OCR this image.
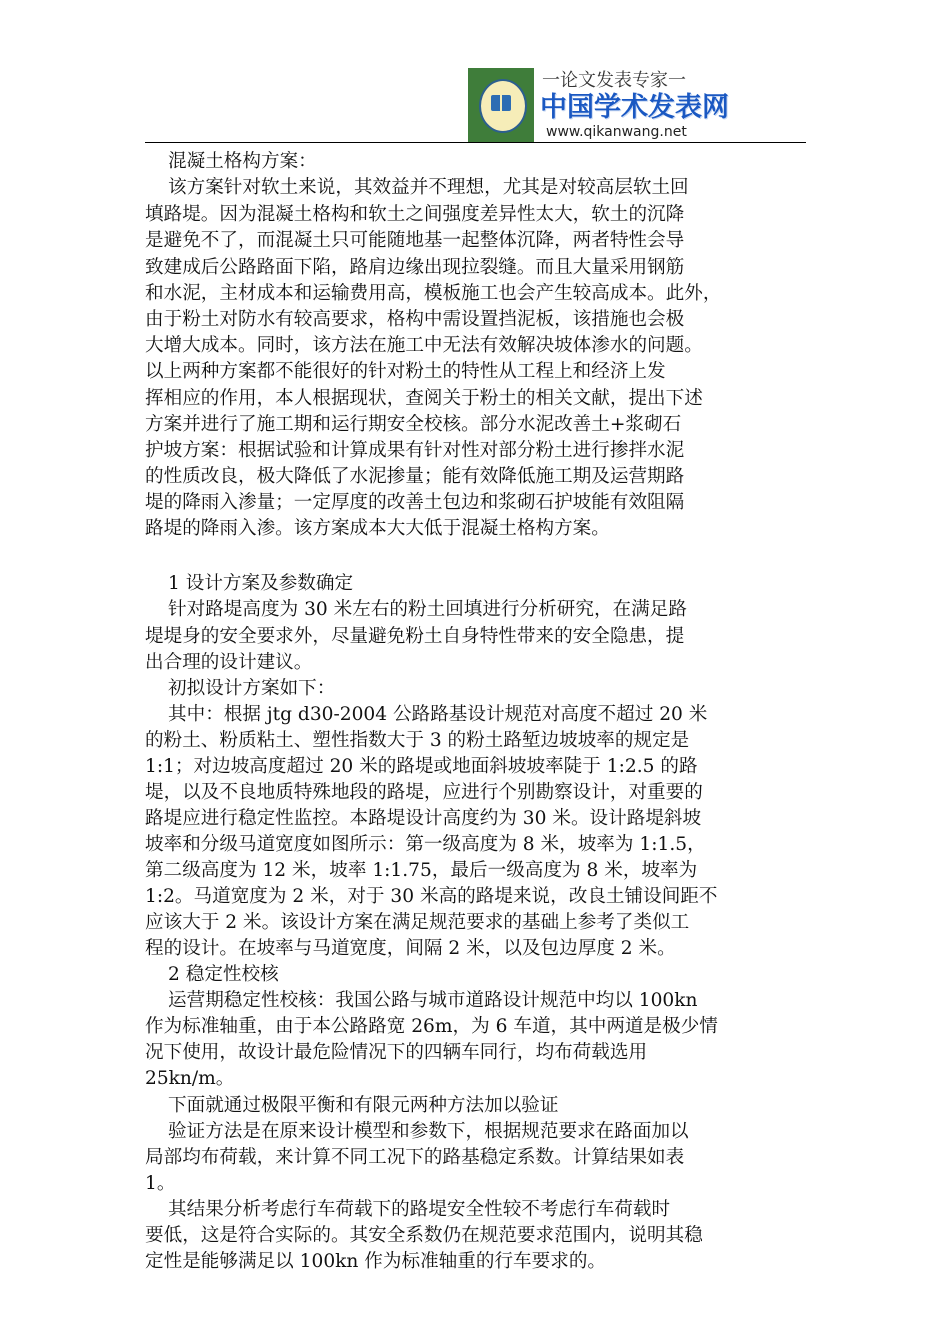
一论文发表专家一
中国学术发表网
www.qikanwang.net
混凝土格构方案：
该方案针对软土来说，其效益并不理想，尤其是对较高层软土回
填路堤。因为混凝土格构和软土之间强度差异性太大，软土的沉降
是避免不了，而混凝土只可能随地基一起整体沉降，两者特性会导
致建成后公路路面下陷，路肩边缘出现拉裂缝。而且大量采用钢筋
和水泥，主材成本和运输费用高，模板施工也会产生较高成本。此外，
由于粉土对防水有较高要求，格构中需设置挡泥板，该措施也会极
大增大成本。同时，该方法在施工中无法有效解决坡体渗水的问题。
以上两种方案都不能很好的针对粉土的特性从工程上和经济上发
挥相应的作用，本人根据现状，查阅关于粉土的相关文献，提出下述
方案并进行了施工期和运行期安全校核。部分水泥改善土+浆砌石
护坡方案：根据试验和计算成果有针对性对部分粉土进行掺拌水泥
的性质改良，极大降低了水泥掺量；能有效降低施工期及运营期路
堤的降雨入渗量；一定厚度的改善土包边和浆砌石护坡能有效阻隔
路堤的降雨入渗。该方案成本大大低于混凝土格构方案。
1 设计方案及参数确定
针对路堤高度为 30 米左右的粉土回填进行分析研究，在满足路
堤堤身的安全要求外，尽量避免粉土自身特性带来的安全隐患，提
出合理的设计建议。
初拟设计方案如下：
其中：根据 jtg d30-2004 公路路基设计规范对高度不超过 20 米
的粉土、粉质粘土、塑性指数大于 3 的粉土路堑边坡坡率的规定是
1:1；对边坡高度超过 20 米的路堤或地面斜坡坡率陡于 1:2.5 的路
堤，以及不良地质特殊地段的路堤，应进行个别勘察设计，对重要的
路堤应进行稳定性监控。本路堤设计高度约为 30 米。设计路堤斜坡
坡率和分级马道宽度如图所示：第一级高度为 8 米，坡率为 1:1.5，
第二级高度为 12 米，坡率 1:1.75，最后一级高度为 8 米，坡率为
1:2。马道宽度为 2 米，对于 30 米高的路堤来说，改良土铺设间距不
应该大于 2 米。该设计方案在满足规范要求的基础上参考了类似工
程的设计。在坡率与马道宽度，间隔 2 米，以及包边厚度 2 米。
2 稳定性校核
运营期稳定性校核：我国公路与城市道路设计规范中均以 100kn
作为标准轴重，由于本公路路宽 26m，为 6 车道，其中两道是极少情
况下使用，故设计最危险情况下的四辆车同行，均布荷载选用
25kn/m。
下面就通过极限平衡和有限元两种方法加以验证
验证方法是在原来设计模型和参数下，根据规范要求在路面加以
局部均布荷载，来计算不同工况下的路基稳定系数。计算结果如表
1。
其结果分析考虑行车荷载下的路堤安全性较不考虑行车荷载时
要低，这是符合实际的。其安全系数仍在规范要求范围内，说明其稳
定性是能够满足以 100kn 作为标准轴重的行车要求的。
